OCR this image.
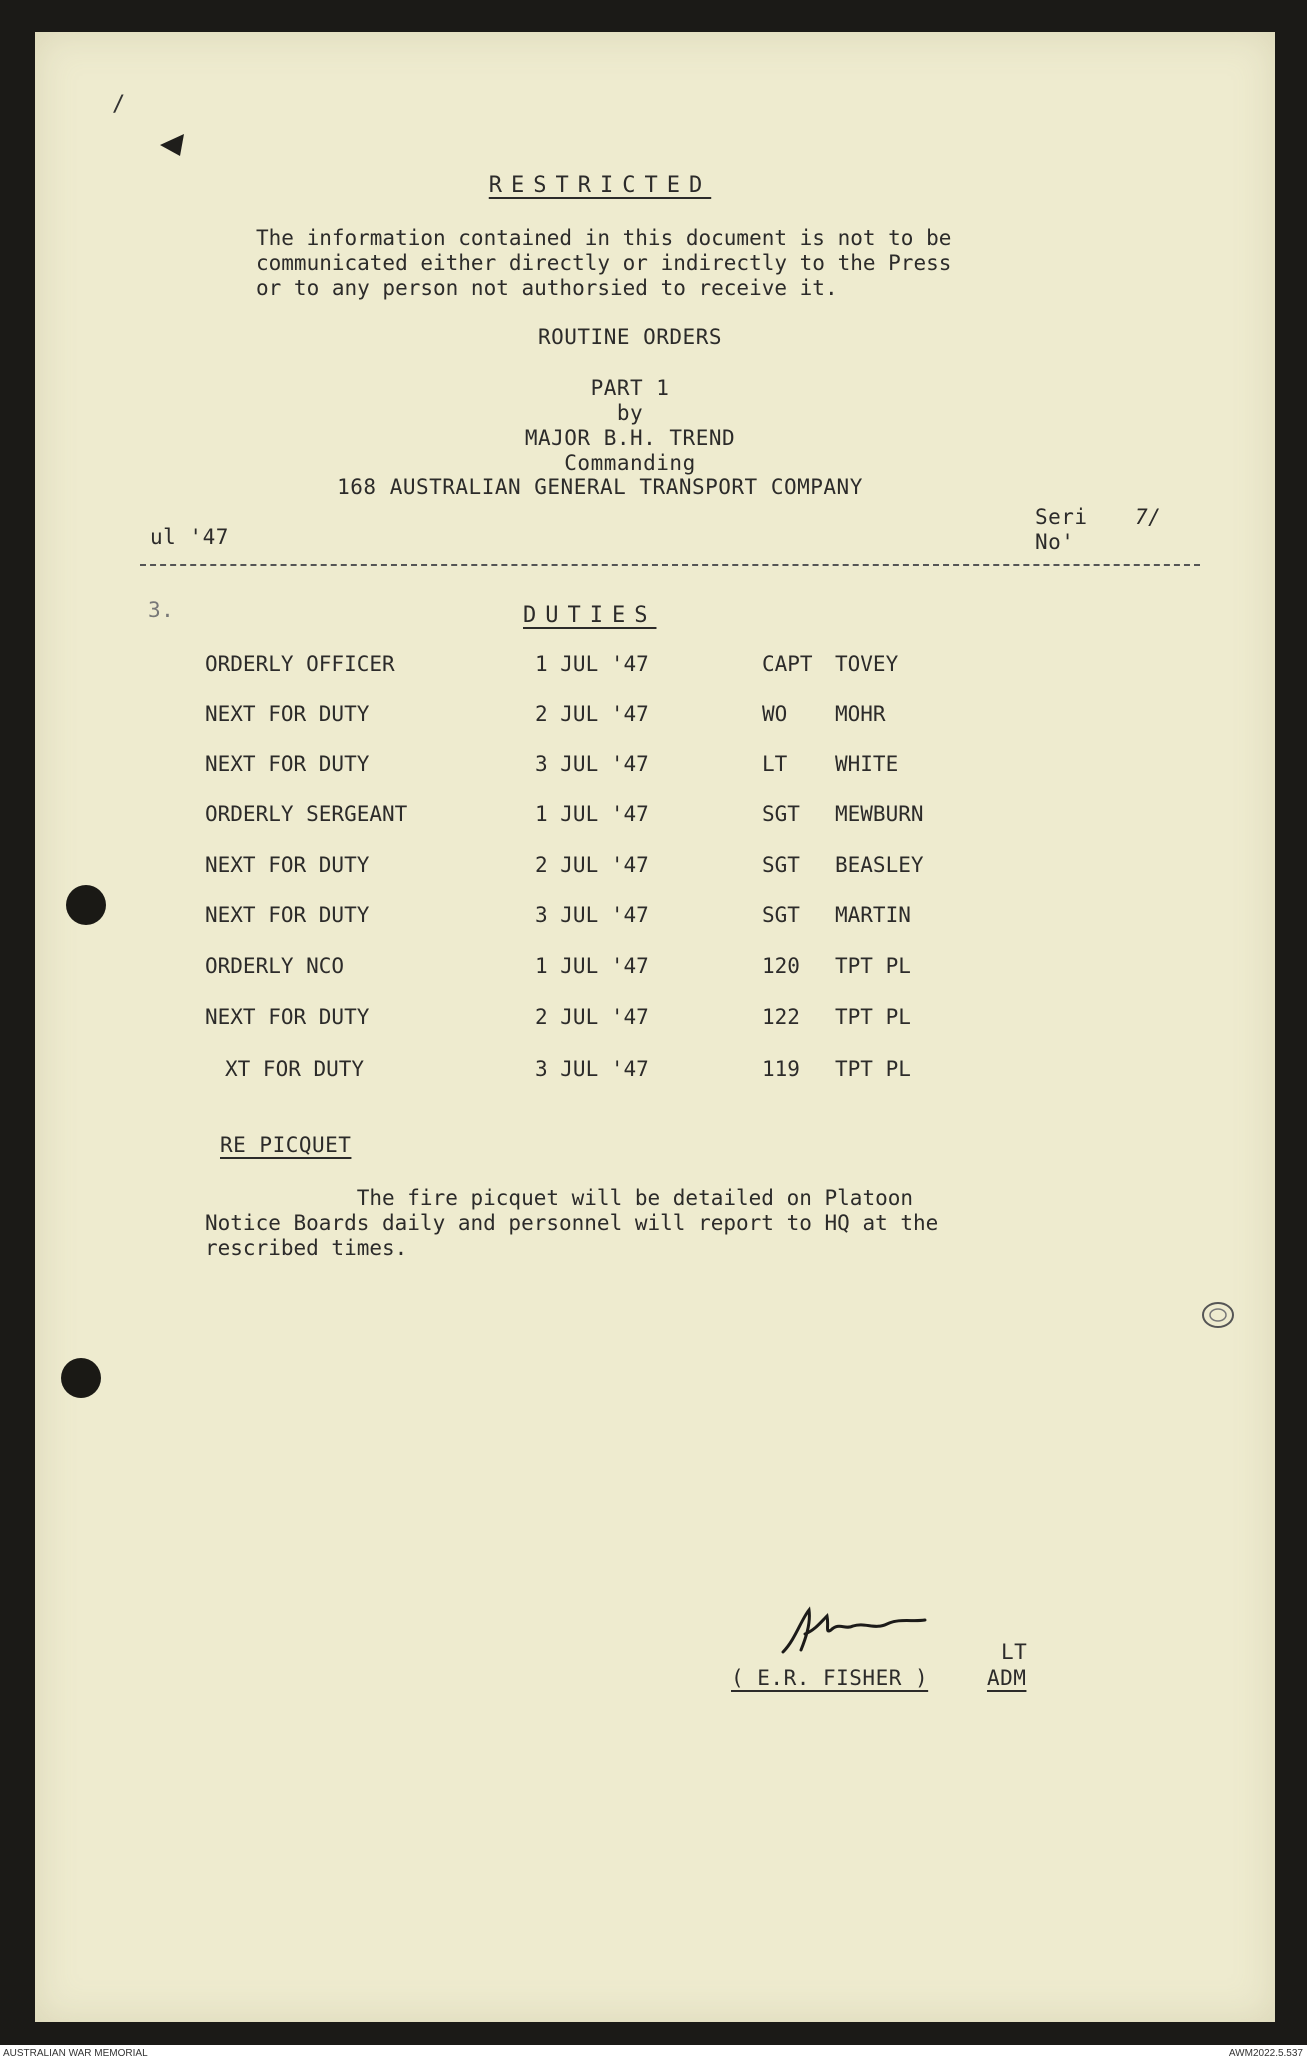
/
RESTRICTED
The information contained in this document is not to be
communicated either directly or indirectly to the Press
or to any person not authorsied to receive it.
ROUTINE ORDERS
PART 1
by
MAJOR B.H. TREND
Commanding
168 AUSTRALIAN GENERAL TRANSPORT COMPANY
ul '47
Seri 7/
No'
3.	DUTIES
ORDERLY OFFICER	1 JUL '47	CAPT TOVEY
NEXT FOR DUTY	2 JUL '47	WO MOHR
NEXT FOR DUTY	3 JUL '47	LT WHITE
ORDERLY SERGEANT	1 JUL '47	SGT MEWBURN
NEXT FOR DUTY	2 JUL '47	SGT BEASLEY
NEXT FOR DUTY	3 JUL '47	SGT MARTIN
ORDERLY NCO	1 JUL '47	120 TPT PL
NEXT FOR DUTY	2 JUL '47	122 TPT PL
XT FOR DUTY	3 JUL '47	119 TPT PL
RE PICQUET
The fire picquet will be detailed on Platoon
Notice Boards daily and personnel will report to HQ at the
rescribed times.
LT
( E.R. FISHER )	ADM
AUSTRALIAN WAR MEMORIAL	AWM2022.5.537
